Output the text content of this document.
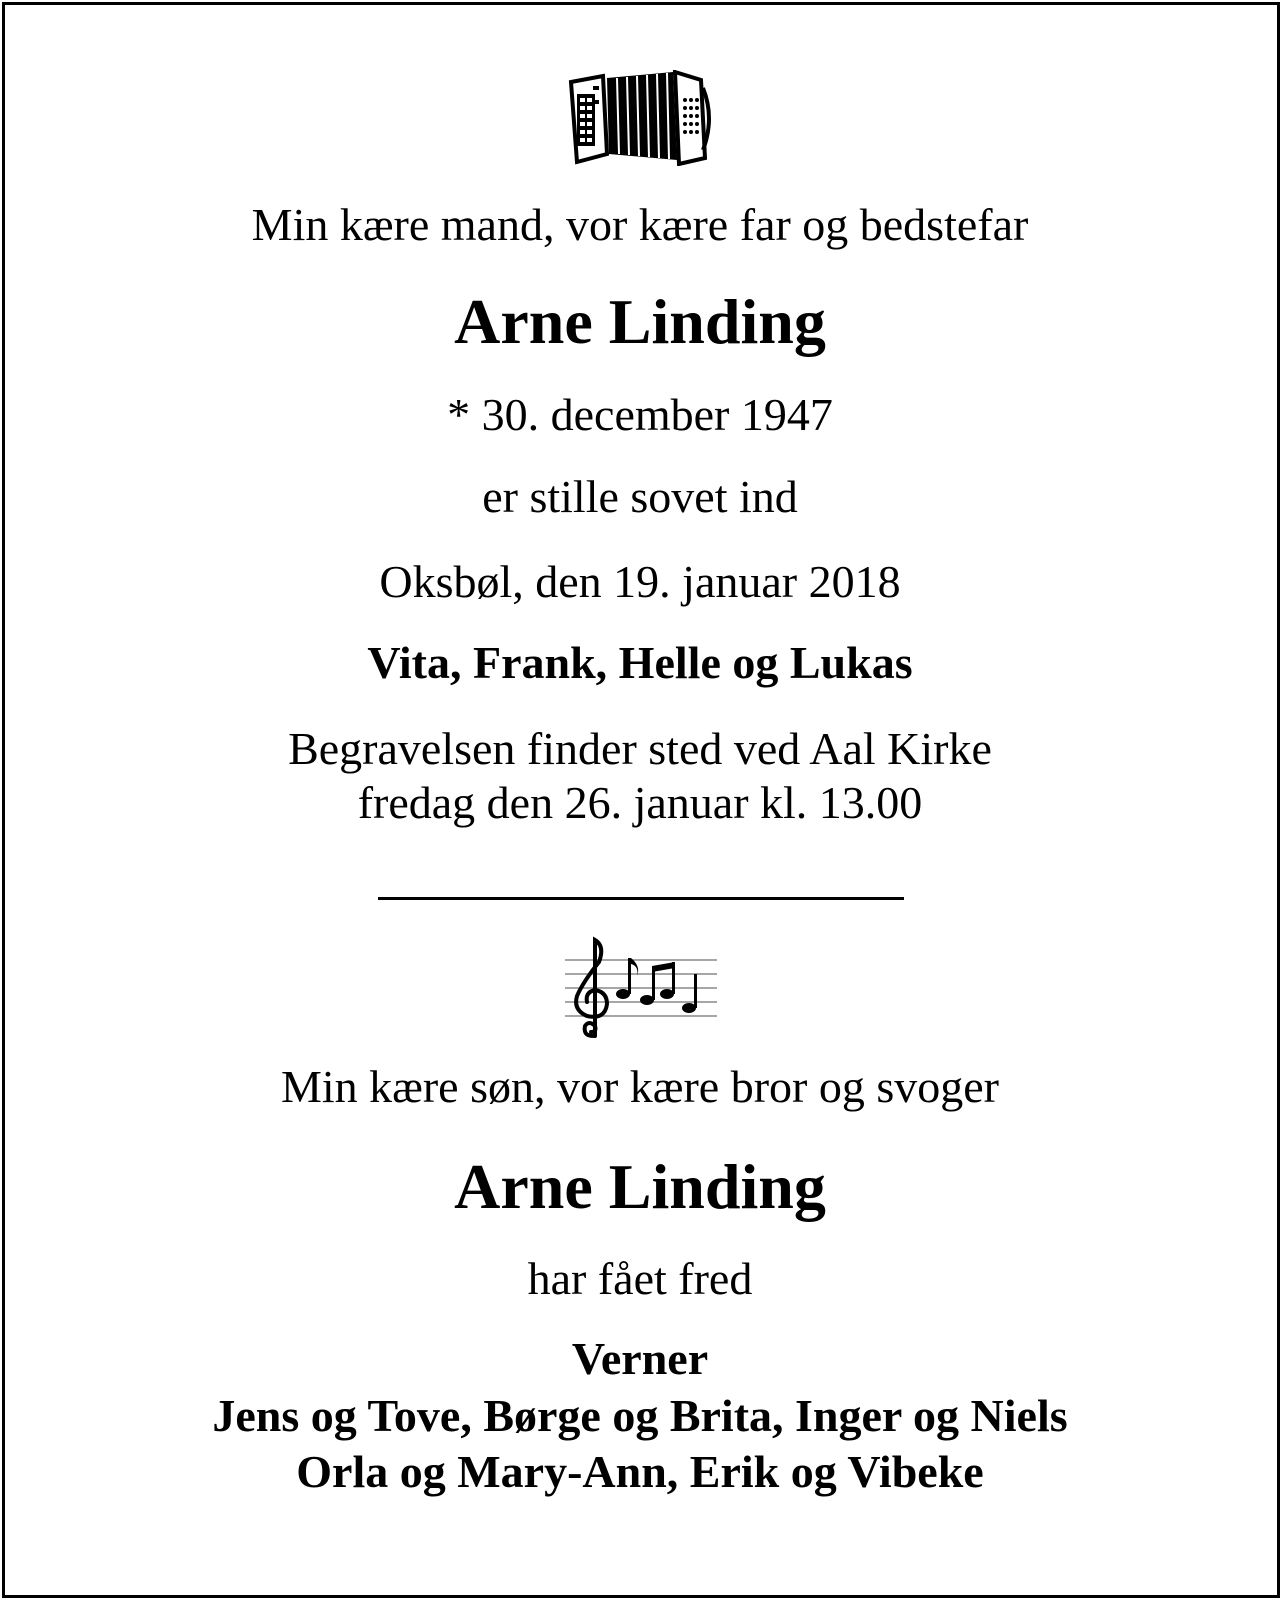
Min kære mand, vor kære far og bedstefar
Arne Linding
* 30. december 1947
er stille sovet ind
Oksbøl, den 19. januar 2018
Vita, Frank, Helle og Lukas
Begravelsen finder sted ved Aal Kirke
fredag den 26. januar kl. 13.00
Min kære søn, vor kære bror og svoger
Arne Linding
har fået fred
Verner
Jens og Tove, Børge og Brita, Inger og Niels
Orla og Mary-Ann, Erik og Vibeke
